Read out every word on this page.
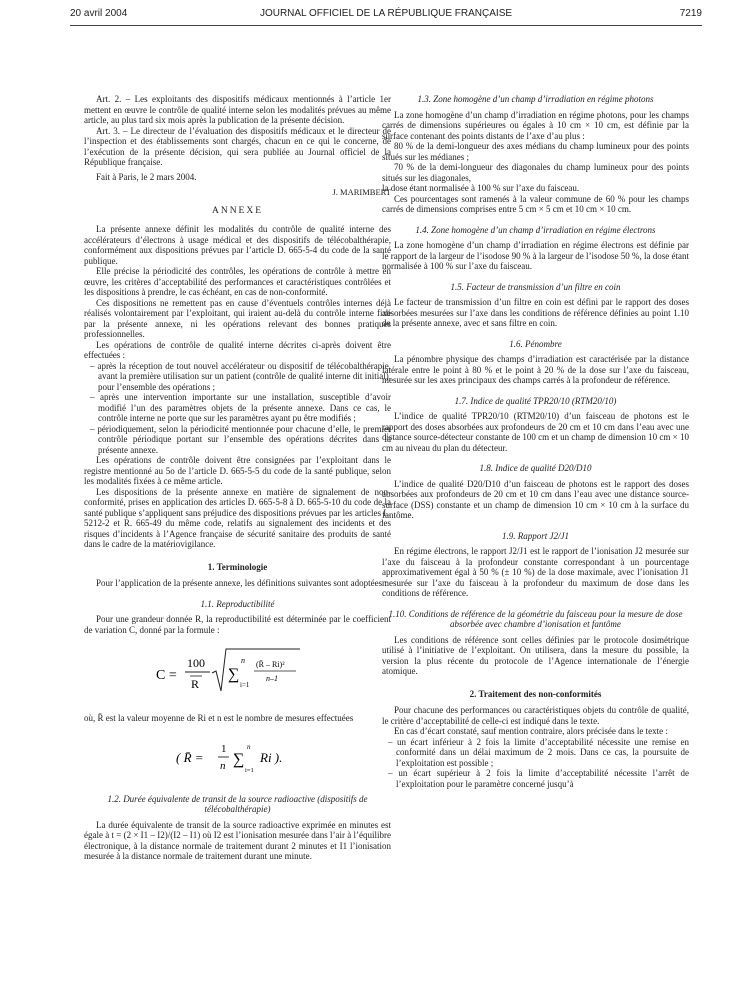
20 avril 2004	JOURNAL OFFICIEL DE LA RÉPUBLIQUE FRANÇAISE	7219

Art. 2. – Les exploitants des dispositifs médicaux mentionnés à l’article 1er mettent en œuvre le contrôle de qualité interne selon les modalités prévues au même article, au plus tard six mois après la publication de la présente décision.

Art. 3. – Le directeur de l’évaluation des dispositifs médicaux et le directeur de l’inspection et des établissements sont chargés, chacun en ce qui le concerne, de l’exécution de la présente décision, qui sera publiée au Journal officiel de la République française.

Fait à Paris, le 2 mars 2004.

J. MARIMBERT

ANNEXE

La présente annexe définit les modalités du contrôle de qualité interne des accélérateurs d’électrons à usage médical et des dispositifs de télécobalthérapie, conformément aux dispositions prévues par l’article D. 665-5-4 du code de la santé publique.

Elle précise la périodicité des contrôles, les opérations de contrôle à mettre en œuvre, les critères d’acceptabilité des performances et caractéristiques contrôlées et les dispositions à prendre, le cas échéant, en cas de non-conformité.

Ces dispositions ne remettent pas en cause d’éventuels contrôles internes déjà réalisés volontairement par l’exploitant, qui iraient au-delà du contrôle interne fixé par la présente annexe, ni les opérations relevant des bonnes pratiques professionnelles.

Les opérations de contrôle de qualité interne décrites ci-après doivent être effectuées :

– après la réception de tout nouvel accélérateur ou dispositif de télécobalthérapie, avant la première utilisation sur un patient (contrôle de qualité interne dit initial), pour l’ensemble des opérations ;

– après une intervention importante sur une installation, susceptible d’avoir modifié l’un des paramètres objets de la présente annexe. Dans ce cas, le contrôle interne ne porte que sur les paramètres ayant pu être modifiés ;

– périodiquement, selon la périodicité mentionnée pour chacune d’elle, le premier contrôle périodique portant sur l’ensemble des opérations décrites dans la présente annexe.

Les opérations de contrôle doivent être consignées par l’exploitant dans le registre mentionné au 5o de l’article D. 665-5-5 du code de la santé publique, selon les modalités fixées à ce même article.

Les dispositions de la présente annexe en matière de signalement de non-conformité, prises en application des articles D. 665-5-8 à D. 665-5-10 du code de la santé publique s’appliquent sans préjudice des dispositions prévues par les articles L. 5212-2 et R. 665-49 du même code, relatifs au signalement des incidents et des risques d’incidents à l’Agence française de sécurité sanitaire des produits de santé dans le cadre de la matériovigilance.

1. Terminologie

Pour l’application de la présente annexe, les définitions suivantes sont adoptées :

1.1. Reproductibilité

Pour une grandeur donnée R, la reproductibilité est déterminée par le coefficient de variation C, donné par la formule :

C =
100
R
∑
n
i=1
(R̄ – Ri)²
n–1

où, R̄ est la valeur moyenne de Ri et n est le nombre de mesures effectuées

( R̄ =
1
n ∑
n
i=1
Ri ).

1.2. Durée équivalente de transit de la source radioactive (dispositifs de télécobalthérapie)

La durée équivalente de transit de la source radioactive exprimée en minutes est égale à t = (2 × I1 – I2)/(I2 – I1) où I2 est l’ionisation mesurée dans l’air à l’équilibre électronique, à la distance normale de traitement durant 2 minutes et I1 l’ionisation mesurée à la distance normale de traitement durant une minute.

1.3. Zone homogène d’un champ d’irradiation en régime photons

La zone homogène d’un champ d’irradiation en régime photons, pour les champs carrés de dimensions supérieures ou égales à 10 cm × 10 cm, est définie par la surface contenant des points distants de l’axe d’au plus :

80 % de la demi-longueur des axes médians du champ lumineux pour des points situés sur les médianes ;

70 % de la demi-longueur des diagonales du champ lumineux pour des points situés sur les diagonales,

la dose étant normalisée à 100 % sur l’axe du faisceau.

Ces pourcentages sont ramenés à la valeur commune de 60 % pour les champs carrés de dimensions comprises entre 5 cm × 5 cm et 10 cm × 10 cm.

1.4. Zone homogène d’un champ d’irradiation en régime électrons

La zone homogène d’un champ d’irradiation en régime électrons est définie par le rapport de la largeur de l’isodose 90 % à la largeur de l’isodose 50 %, la dose étant normalisée à 100 % sur l’axe du faisceau.

1.5. Facteur de transmission d’un filtre en coin

Le facteur de transmission d’un filtre en coin est défini par le rapport des doses absorbées mesurées sur l’axe dans les conditions de référence définies au point 1.10 de la présente annexe, avec et sans filtre en coin.

1.6. Pénombre

La pénombre physique des champs d’irradiation est caractérisée par la distance latérale entre le point à 80 % et le point à 20 % de la dose sur l’axe du faisceau, mesurée sur les axes principaux des champs carrés à la profondeur de référence.

1.7. Indice de qualité TPR20/10 (RTM20/10)

L’indice de qualité TPR20/10 (RTM20/10) d’un faisceau de photons est le rapport des doses absorbées aux profondeurs de 20 cm et 10 cm dans l’eau avec une distance source-détecteur constante de 100 cm et un champ de dimension 10 cm × 10 cm au niveau du plan du détecteur.

1.8. Indice de qualité D20/D10

L’indice de qualité D20/D10 d’un faisceau de photons est le rapport des doses absorbées aux profondeurs de 20 cm et 10 cm dans l’eau avec une distance source-surface (DSS) constante et un champ de dimension 10 cm × 10 cm à la surface du fantôme.

1.9. Rapport J2/J1

En régime électrons, le rapport J2/J1 est le rapport de l’ionisation J2 mesurée sur l’axe du faisceau à la profondeur constante correspondant à un pourcentage approximativement égal à 50 % (± 10 %) de la dose maximale, avec l’ionisation J1 mesurée sur l’axe du faisceau à la profondeur du maximum de dose dans les conditions de référence.

1.10. Conditions de référence de la géométrie du faisceau pour la mesure de dose absorbée avec chambre d’ionisation et fantôme

Les conditions de référence sont celles définies par le protocole dosimétrique utilisé à l’initiative de l’exploitant. On utilisera, dans la mesure du possible, la version la plus récente du protocole de l’Agence internationale de l’énergie atomique.

2. Traitement des non-conformités

Pour chacune des performances ou caractéristiques objets du contrôle de qualité, le critère d’acceptabilité de celle-ci est indiqué dans le texte.

En cas d’écart constaté, sauf mention contraire, alors précisée dans le texte :

– un écart inférieur à 2 fois la limite d’acceptabilité nécessite une remise en conformité dans un délai maximum de 2 mois. Dans ce cas, la poursuite de l’exploitation est possible ;

– un écart supérieur à 2 fois la limite d’acceptabilité nécessite l’arrêt de l’exploitation pour le paramètre concerné jusqu’à
